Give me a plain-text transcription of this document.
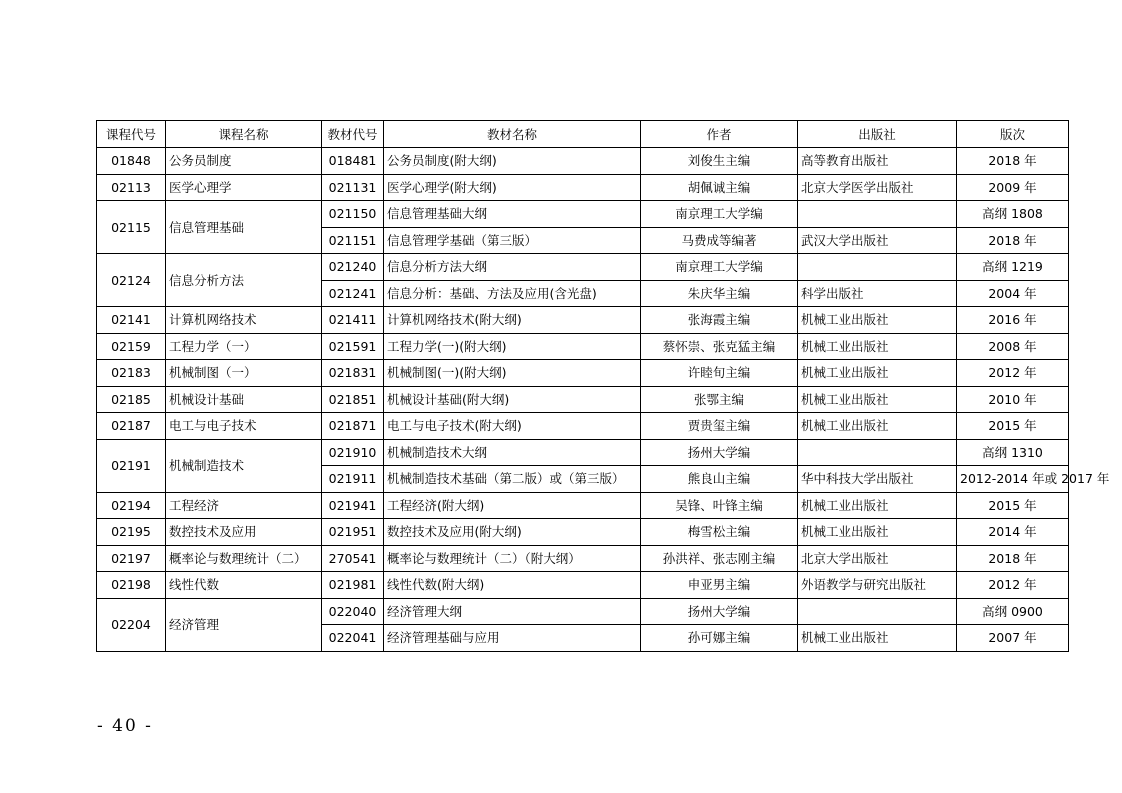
课程代号	课程名称	教材代号	教材名称	作者	出版社	版次
01848	公务员制度	018481	公务员制度(附大纲)	刘俊生主编	高等教育出版社	2018 年
02113	医学心理学	021131	医学心理学(附大纲)	胡佩诚主编	北京大学医学出版社	2009 年
02115	信息管理基础	021150	信息管理基础大纲	南京理工大学编		高纲 1808
		021151	信息管理学基础（第三版）	马费成等编著	武汉大学出版社	2018 年
02124	信息分析方法	021240	信息分析方法大纲	南京理工大学编		高纲 1219
		021241	信息分析：基础、方法及应用(含光盘)	朱庆华主编	科学出版社	2004 年
02141	计算机网络技术	021411	计算机网络技术(附大纲)	张海霞主编	机械工业出版社	2016 年
02159	工程力学（一）	021591	工程力学(一)(附大纲)	蔡怀崇、张克猛主编	机械工业出版社	2008 年
02183	机械制图（一）	021831	机械制图(一)(附大纲)	许睦旬主编	机械工业出版社	2012 年
02185	机械设计基础	021851	机械设计基础(附大纲)	张鄂主编	机械工业出版社	2010 年
02187	电工与电子技术	021871	电工与电子技术(附大纲)	贾贵玺主编	机械工业出版社	2015 年
02191	机械制造技术	021910	机械制造技术大纲	扬州大学编		高纲 1310
		021911	机械制造技术基础（第二版）或（第三版）	熊良山主编	华中科技大学出版社	2012-2014 年或 2017 年
02194	工程经济	021941	工程经济(附大纲)	吴锋、叶锋主编	机械工业出版社	2015 年
02195	数控技术及应用	021951	数控技术及应用(附大纲)	梅雪松主编	机械工业出版社	2014 年
02197	概率论与数理统计（二）	270541	概率论与数理统计（二）（附大纲）	孙洪祥、张志刚主编	北京大学出版社	2018 年
02198	线性代数	021981	线性代数(附大纲)	申亚男主编	外语教学与研究出版社	2012 年
02204	经济管理	022040	经济管理大纲	扬州大学编		高纲 0900
		022041	经济管理基础与应用	孙可娜主编	机械工业出版社	2007 年
- 40 -
